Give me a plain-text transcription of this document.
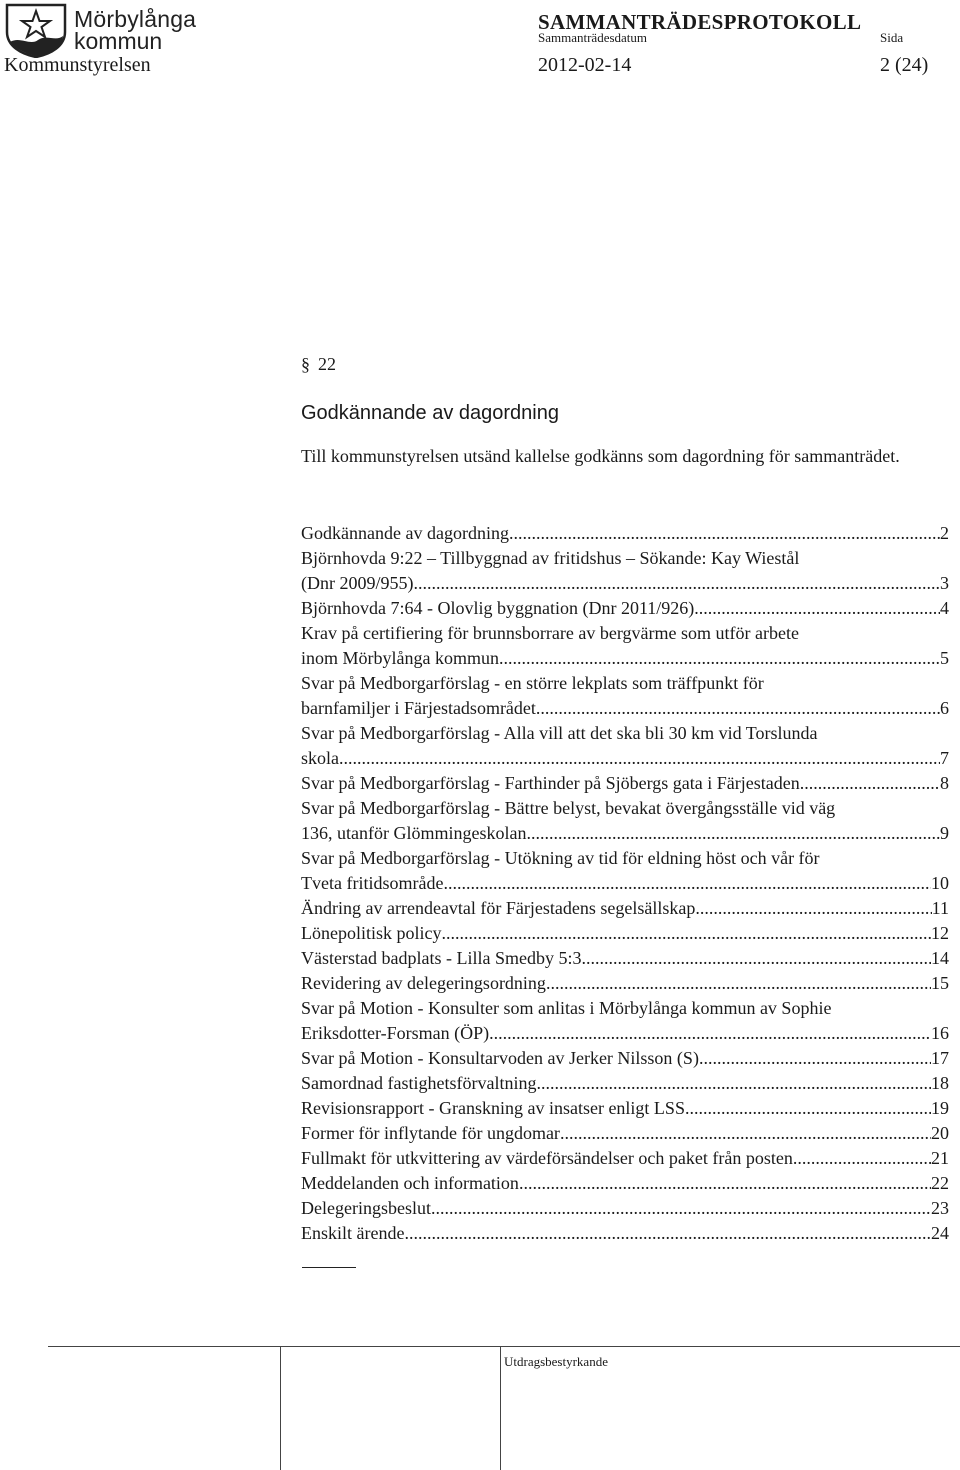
Mörbylånga
kommun
SAMMANTRÄDESPROTOKOLL
Sammanträdesdatum	Sida
Kommunstyrelsen	2012-02-14	2 (24)
§ 22
Godkännande av dagordning
Till kommunstyrelsen utsänd kallelse godkänns som dagordning för sammanträdet.
Godkännande av dagordning .....	2
Björnhovda 9:22 – Tillbyggnad av fritidshus – Sökande: Kay Wiestål
(Dnr 2009/955) .....	3
Björnhovda 7:64 - Olovlig byggnation (Dnr 2011/926) .....	4
Krav på certifiering för brunnsborrare av bergvärme som utför arbete
inom Mörbylånga kommun .....	5
Svar på Medborgarförslag - en större lekplats som träffpunkt för
barnfamiljer i Färjestadsområdet .....	6
Svar på Medborgarförslag - Alla vill att det ska bli 30 km vid Torslunda
skola .....	7
Svar på Medborgarförslag - Farthinder på Sjöbergs gata i Färjestaden .....	8
Svar på Medborgarförslag - Bättre belyst, bevakat övergångsställe vid väg
136, utanför Glömmingeskolan .....	9
Svar på Medborgarförslag - Utökning av tid för eldning höst och vår för
Tveta fritidsområde .....	10
Ändring av arrendeavtal för Färjestadens segelsällskap .....	11
Lönepolitisk policy .....	12
Västerstad badplats - Lilla Smedby 5:3 .....	14
Revidering av delegeringsordning .....	15
Svar på Motion - Konsulter som anlitas i Mörbylånga kommun av Sophie
Eriksdotter-Forsman (ÖP) .....	16
Svar på Motion - Konsultarvoden av Jerker Nilsson (S) .....	17
Samordnad fastighetsförvaltning .....	18
Revisionsrapport - Granskning av insatser enligt LSS .....	19
Former för inflytande för ungdomar .....	20
Fullmakt för utkvittering av värdeförsändelser och paket från posten .....	21
Meddelanden och information .....	22
Delegeringsbeslut .....	23
Enskilt ärende .....	24
Utdragsbestyrkande
